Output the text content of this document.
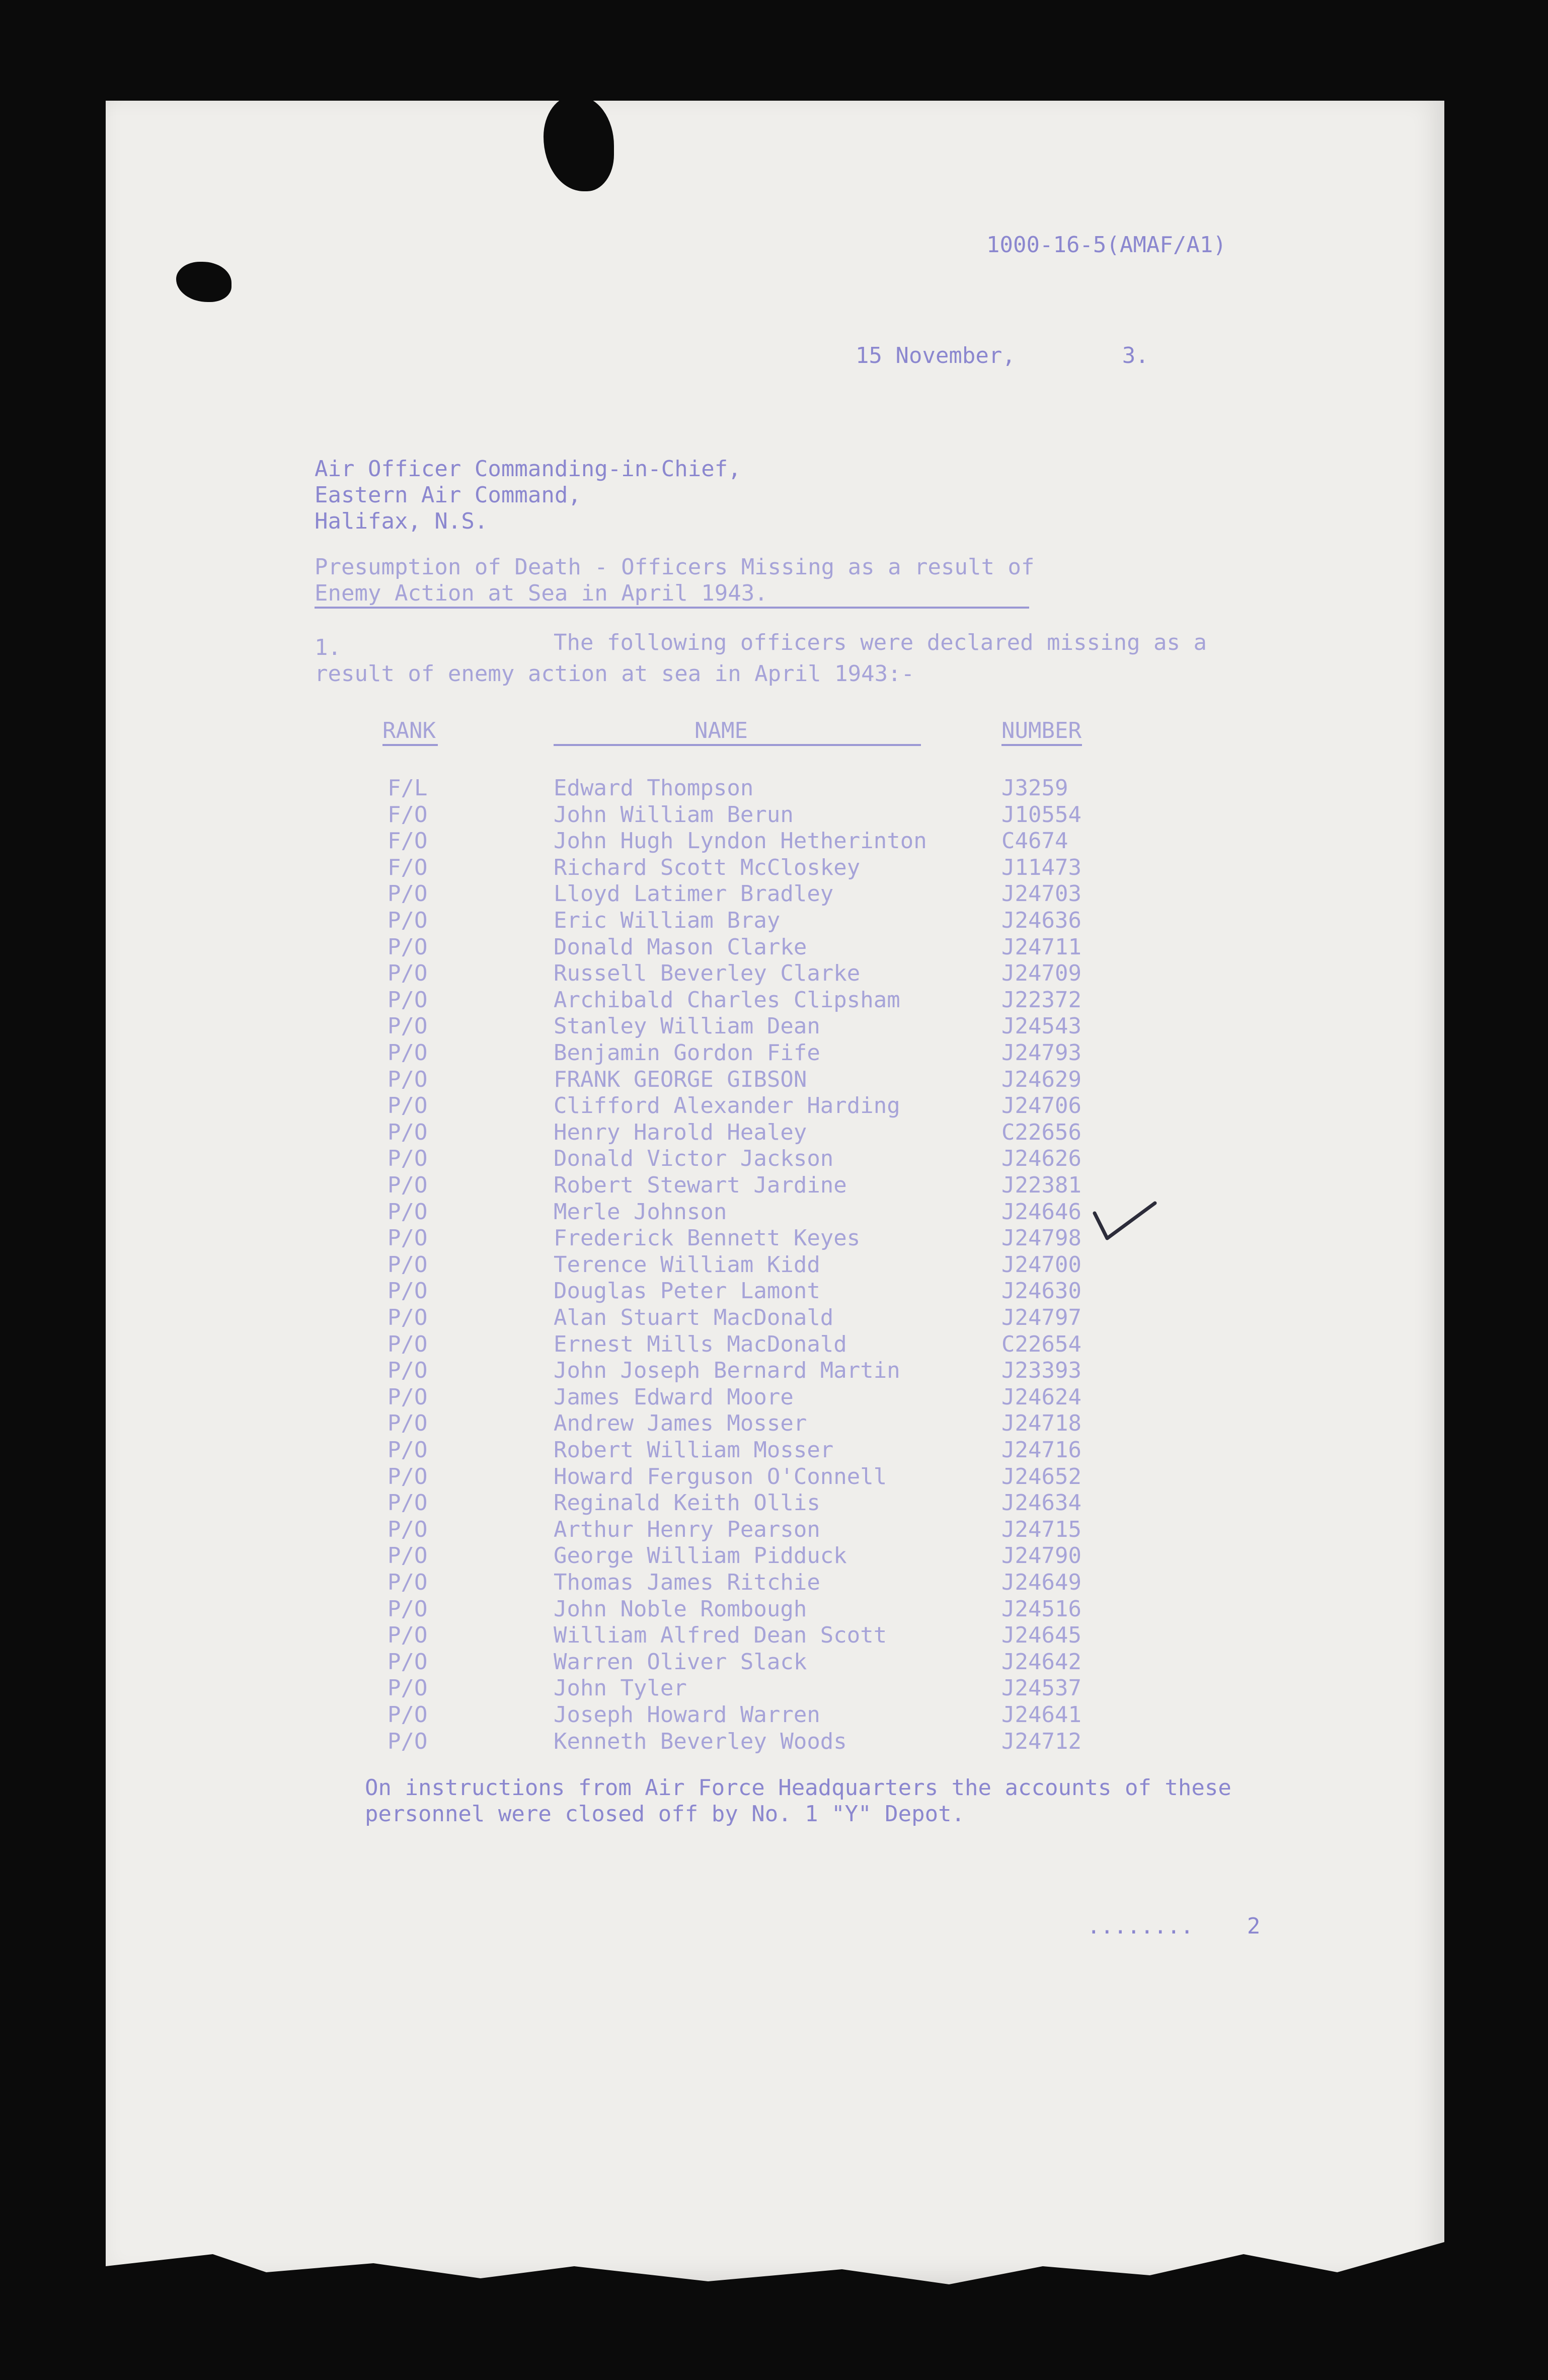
1000-16-5(AMAF/A1)
15 November,        3.
Air Officer Commanding-in-Chief,
Eastern Air Command,
Halifax, N.S.
Presumption of Death - Officers Missing as a result of
Enemy Action at Sea in April 1943.
1.	The following officers were declared missing as a
result of enemy action at sea in April 1943:-
RANK	NAME	NUMBER
F/L	Edward Thompson	J3259
F/O	John William Berun	J10554
F/O	John Hugh Lyndon Hetherinton	C4674
F/O	Richard Scott McCloskey	J11473
P/O	Lloyd Latimer Bradley	J24703
P/O	Eric William Bray	J24636
P/O	Donald Mason Clarke	J24711
P/O	Russell Beverley Clarke	J24709
P/O	Archibald Charles Clipsham	J22372
P/O	Stanley William Dean	J24543
P/O	Benjamin Gordon Fife	J24793
P/O	FRANK GEORGE GIBSON	J24629
P/O	Clifford Alexander Harding	J24706
P/O	Henry Harold Healey	C22656
P/O	Donald Victor Jackson	J24626
P/O	Robert Stewart Jardine	J22381
P/O	Merle Johnson	J24646
P/O	Frederick Bennett Keyes	J24798
P/O	Terence William Kidd	J24700
P/O	Douglas Peter Lamont	J24630
P/O	Alan Stuart MacDonald	J24797
P/O	Ernest Mills MacDonald	C22654
P/O	John Joseph Bernard Martin	J23393
P/O	James Edward Moore	J24624
P/O	Andrew James Mosser	J24718
P/O	Robert William Mosser	J24716
P/O	Howard Ferguson O'Connell	J24652
P/O	Reginald Keith Ollis	J24634
P/O	Arthur Henry Pearson	J24715
P/O	George William Pidduck	J24790
P/O	Thomas James Ritchie	J24649
P/O	John Noble Rombough	J24516
P/O	William Alfred Dean Scott	J24645
P/O	Warren Oliver Slack	J24642
P/O	John Tyler	J24537
P/O	Joseph Howard Warren	J24641
P/O	Kenneth Beverley Woods	J24712
On instructions from Air Force Headquarters the accounts of these
personnel were closed off by No. 1 "Y" Depot.
........    2
